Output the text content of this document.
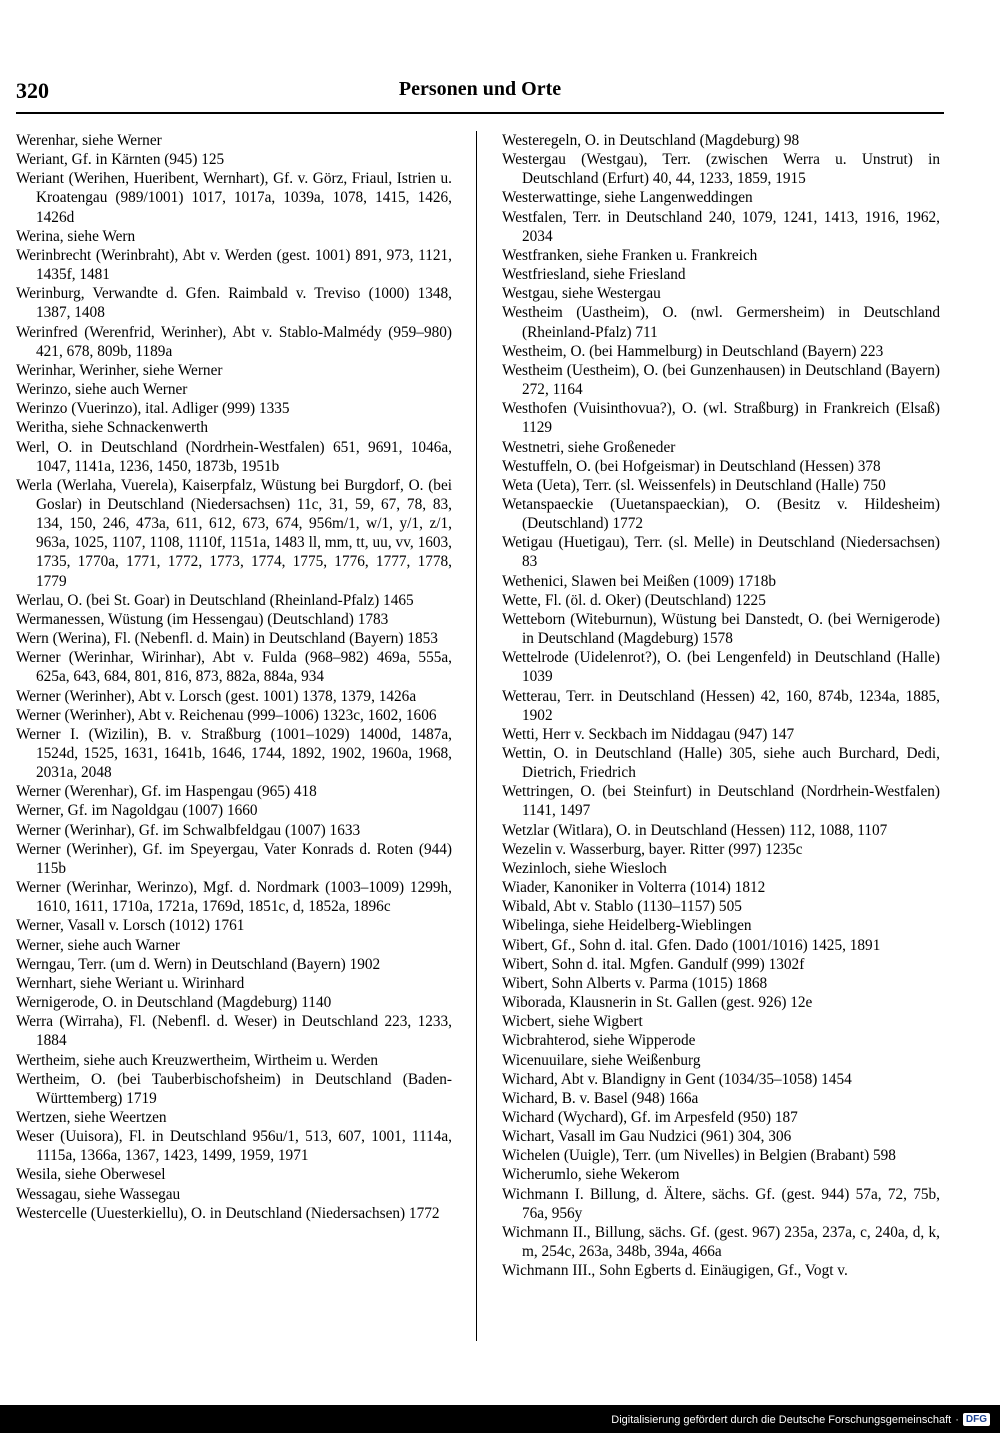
320	Personen und Orte

Werenhar, siehe Werner

Weriant, Gf. in Kärnten (945) 125

Weriant (Werihen, Hueribent, Wernhart), Gf. v. Görz, Friaul, Istrien u. Kroatengau (989/1001) 1017, 1017a, 1039a, 1078, 1415, 1426, 1426d

Werina, siehe Wern

Werinbrecht (Werinbraht), Abt v. Werden (gest. 1001) 891, 973, 1121, 1435f, 1481

Werinburg, Verwandte d. Gfen. Raimbald v. Treviso (1000) 1348, 1387, 1408

Werinfred (Werenfrid, Werinher), Abt v. Stablo-Malmédy (959–980) 421, 678, 809b, 1189a

Werinhar, Werinher, siehe Werner

Werinzo, siehe auch Werner

Werinzo (Vuerinzo), ital. Adliger (999) 1335

Weritha, siehe Schnackenwerth

Werl, O. in Deutschland (Nordrhein-Westfalen) 651, 9691, 1046a, 1047, 1141a, 1236, 1450, 1873b, 1951b

Werla (Werlaha, Vuerela), Kaiserpfalz, Wüstung bei Burgdorf, O. (bei Goslar) in Deutschland (Niedersachsen) 11c, 31, 59, 67, 78, 83, 134, 150, 246, 473a, 611, 612, 673, 674, 956m/1, w/1, y/1, z/1, 963a, 1025, 1107, 1108, 1110f, 1151a, 1483 ll, mm, tt, uu, vv, 1603, 1735, 1770a, 1771, 1772, 1773, 1774, 1775, 1776, 1777, 1778, 1779

Werlau, O. (bei St. Goar) in Deutschland (Rheinland-Pfalz) 1465

Wermanessen, Wüstung (im Hessengau) (Deutschland) 1783

Wern (Werina), Fl. (Nebenfl. d. Main) in Deutschland (Bayern) 1853

Werner (Werinhar, Wirinhar), Abt v. Fulda (968–982) 469a, 555a, 625a, 643, 684, 801, 816, 873, 882a, 884a, 934

Werner (Werinher), Abt v. Lorsch (gest. 1001) 1378, 1379, 1426a

Werner (Werinher), Abt v. Reichenau (999–1006) 1323c, 1602, 1606

Werner I. (Wizilin), B. v. Straßburg (1001–1029) 1400d, 1487a, 1524d, 1525, 1631, 1641b, 1646, 1744, 1892, 1902, 1960a, 1968, 2031a, 2048

Werner (Werenhar), Gf. im Haspengau (965) 418

Werner, Gf. im Nagoldgau (1007) 1660

Werner (Werinhar), Gf. im Schwalbfeldgau (1007) 1633

Werner (Werinher), Gf. im Speyergau, Vater Konrads d. Roten (944) 115b

Werner (Werinhar, Werinzo), Mgf. d. Nordmark (1003–1009) 1299h, 1610, 1611, 1710a, 1721a, 1769d, 1851c, d, 1852a, 1896c

Werner, Vasall v. Lorsch (1012) 1761

Werner, siehe auch Warner

Werngau, Terr. (um d. Wern) in Deutschland (Bayern) 1902

Wernhart, siehe Weriant u. Wirinhard

Wernigerode, O. in Deutschland (Magdeburg) 1140

Werra (Wirraha), Fl. (Nebenfl. d. Weser) in Deutschland 223, 1233, 1884

Wertheim, siehe auch Kreuzwertheim, Wirtheim u. Werden

Wertheim, O. (bei Tauberbischofsheim) in Deutschland (Baden-Württemberg) 1719

Wertzen, siehe Weertzen

Weser (Uuisora), Fl. in Deutschland 956u/1, 513, 607, 1001, 1114a, 1115a, 1366a, 1367, 1423, 1499, 1959, 1971

Wesila, siehe Oberwesel

Wessagau, siehe Wassegau

Westercelle (Uuesterkiellu), O. in Deutschland (Niedersachsen) 1772

Westeregeln, O. in Deutschland (Magdeburg) 98

Westergau (Westgau), Terr. (zwischen Werra u. Unstrut) in Deutschland (Erfurt) 40, 44, 1233, 1859, 1915

Westerwattinge, siehe Langenweddingen

Westfalen, Terr. in Deutschland 240, 1079, 1241, 1413, 1916, 1962, 2034

Westfranken, siehe Franken u. Frankreich

Westfriesland, siehe Friesland

Westgau, siehe Westergau

Westheim (Uastheim), O. (nwl. Germersheim) in Deutschland (Rheinland-Pfalz) 711

Westheim, O. (bei Hammelburg) in Deutschland (Bayern) 223

Westheim (Uestheim), O. (bei Gunzenhausen) in Deutschland (Bayern) 272, 1164

Westhofen (Vuisinthovua?), O. (wl. Straßburg) in Frankreich (Elsaß) 1129

Westnetri, siehe Großeneder

Westuffeln, O. (bei Hofgeismar) in Deutschland (Hessen) 378

Weta (Ueta), Terr. (sl. Weissenfels) in Deutschland (Halle) 750

Wetanspaeckie (Uuetanspaeckian), O. (Besitz v. Hildesheim) (Deutschland) 1772

Wetigau (Huetigau), Terr. (sl. Melle) in Deutschland (Niedersachsen) 83

Wethenici, Slawen bei Meißen (1009) 1718b

Wette, Fl. (öl. d. Oker) (Deutschland) 1225

Wetteborn (Witeburnun), Wüstung bei Danstedt, O. (bei Wernigerode) in Deutschland (Magdeburg) 1578

Wettelrode (Uidelenrot?), O. (bei Lengenfeld) in Deutschland (Halle) 1039

Wetterau, Terr. in Deutschland (Hessen) 42, 160, 874b, 1234a, 1885, 1902

Wetti, Herr v. Seckbach im Niddagau (947) 147

Wettin, O. in Deutschland (Halle) 305, siehe auch Burchard, Dedi, Dietrich, Friedrich

Wettringen, O. (bei Steinfurt) in Deutschland (Nordrhein-Westfalen) 1141, 1497

Wetzlar (Witlara), O. in Deutschland (Hessen) 112, 1088, 1107

Wezelin v. Wasserburg, bayer. Ritter (997) 1235c

Wezinloch, siehe Wiesloch

Wiader, Kanoniker in Volterra (1014) 1812

Wibald, Abt v. Stablo (1130–1157) 505

Wibelinga, siehe Heidelberg-Wieblingen

Wibert, Gf., Sohn d. ital. Gfen. Dado (1001/1016) 1425, 1891

Wibert, Sohn d. ital. Mgfen. Gandulf (999) 1302f

Wibert, Sohn Alberts v. Parma (1015) 1868

Wiborada, Klausnerin in St. Gallen (gest. 926) 12e

Wicbert, siehe Wigbert

Wicbrahterod, siehe Wipperode

Wicenuuilare, siehe Weißenburg

Wichard, Abt v. Blandigny in Gent (1034/35–1058) 1454

Wichard, B. v. Basel (948) 166a

Wichard (Wychard), Gf. im Arpesfeld (950) 187

Wichart, Vasall im Gau Nudzici (961) 304, 306

Wichelen (Uuigle), Terr. (um Nivelles) in Belgien (Brabant) 598

Wicherumlo, siehe Wekerom

Wichmann I. Billung, d. Ältere, sächs. Gf. (gest. 944) 57a, 72, 75b, 76a, 956y

Wichmann II., Billung, sächs. Gf. (gest. 967) 235a, 237a, c, 240a, d, k, m, 254c, 263a, 348b, 394a, 466a

Wichmann III., Sohn Egberts d. Einäugigen, Gf., Vogt v.

Digitalisierung gefördert durch die Deutsche Forschungsgemeinschaft · DFG
